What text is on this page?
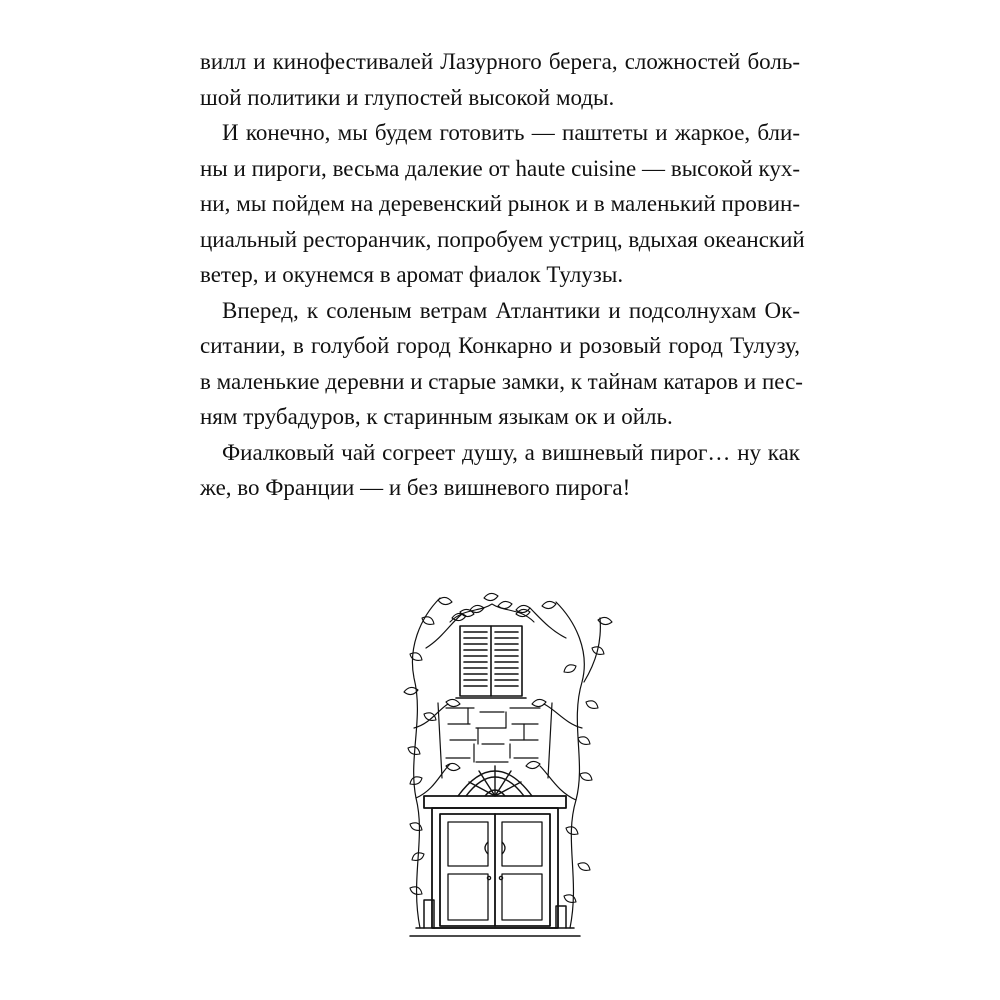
вилл и кинофестивалей Лазурного берега, сложностей боль-
шой политики и глупостей высокой моды.
И конечно, мы будем готовить — паштеты и жаркое, бли-
ны и пироги, весьма далекие от haute cuisine — высокой кух-
ни, мы пойдем на деревенский рынок и в маленький провин-
циальный ресторанчик, попробуем устриц, вдыхая океанский
ветер, и окунемся в аромат фиалок Тулузы.
Вперед, к соленым ветрам Атлантики и подсолнухам Ок-
ситании, в голубой город Конкарно и розовый город Тулузу,
в маленькие деревни и старые замки, к тайнам катаров и пес-
ням трубадуров, к старинным языкам ок и ойль.
Фиалковый чай согреет душу, а вишневый пирог… ну как
же, во Франции — и без вишневого пирога!
